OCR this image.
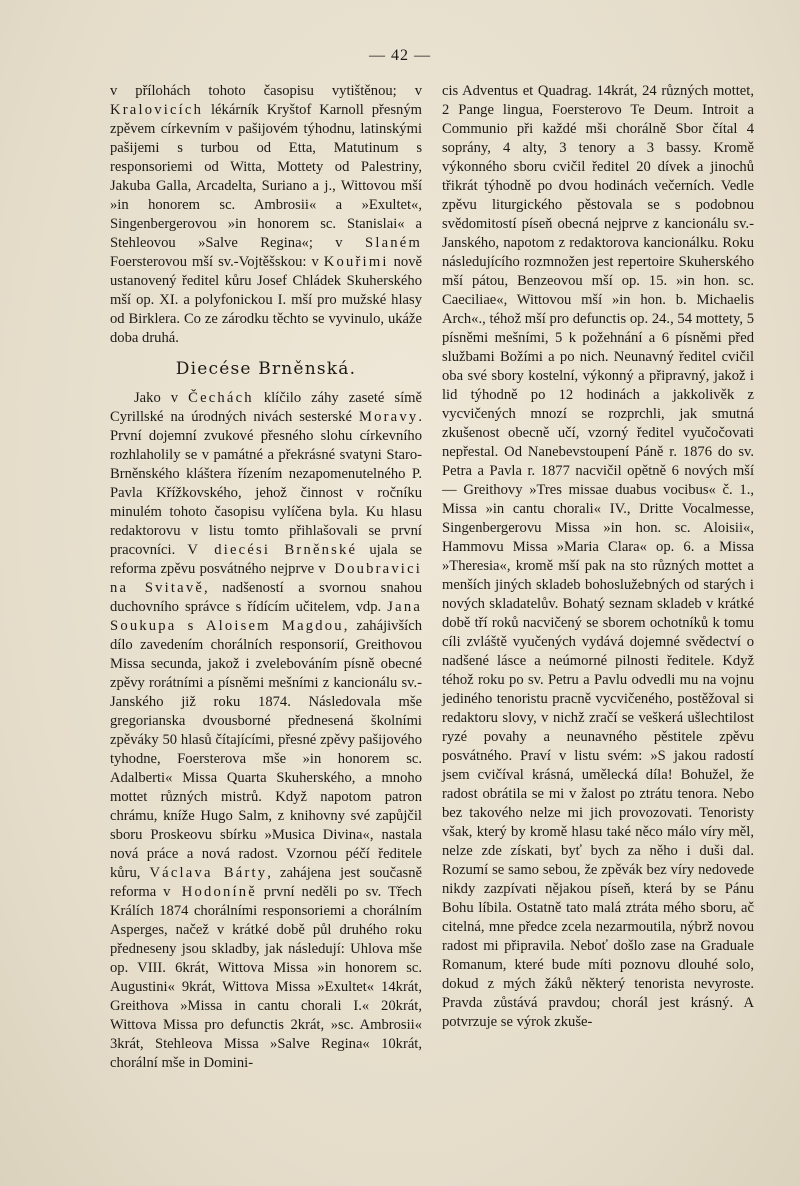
— 42 —

v přílohách tohoto časopisu vytištěnou; v Kralovicích lékárník Kryštof Karnoll přesným zpěvem církevním v pašijovém týhodnu, latinskými pašijemi s turbou od Etta, Matutinum s responsoriemi od Witta, Mottety od Palestriny, Jakuba Galla, Arcadelta, Suriano a j., Wittovou mší »in honorem sc. Ambrosii« a »Exultet«, Singenbergerovou »in honorem sc. Stanislai« a Stehleovou »Salve Regina«; v Slaném Foersterovou mší sv.-Vojtěšskou: v Kouřimi nově ustanovený ředitel kůru Josef Chládek Skuherského mší op. XI. a polyfonickou I. mší pro mužské hlasy od Birklera. Co ze zárodku těchto se vyvinulo, ukáže doba druhá.

Diecése Brněnská.

Jako v Čechách klíčilo záhy zaseté símě Cyrillské na úrodných nivách sesterské Moravy. První dojemní zvukové přesného slohu církevního rozhlaholily se v památné a překrásné svatyni Staro-Brněnského kláštera řízením nezapomenutelného P. Pavla Křížkovského, jehož činnost v ročníku minulém tohoto časopisu vylíčena byla. Ku hlasu redaktorovu v listu tomto přihlašovali se první pracovníci. V diecési Brněnské ujala se reforma zpěvu posvátného nejprve v Doubravici na Svitavě, nadšeností a svornou snahou duchovního správce s řídícím učitelem, vdp. Jana Soukupa s Aloisem Magdou, zahájivších dílo zavedením chorálních responsorií, Greithovou Missa secunda, jakož i zvelebováním písně obecné zpěvy rorátními a písněmi mešními z kancionálu sv.-Janského již roku 1874. Následovala mše gregorianska dvousborné přednesená školními zpěváky 50 hlasů čítajícími, přesné zpěvy pašijového tyhodne, Foersterova mše »in honorem sc. Adalberti« Missa Quarta Skuherského, a mnoho mottet různých mistrů. Když napotom patron chrámu, kníže Hugo Salm, z knihovny své zapůjčil sboru Proskeovu sbírku »Musica Divina«, nastala nová práce a nová radost. Vzornou péčí ředitele kůru, Václava Bárty, zahájena jest současně reforma v Hodoníně první neděli po sv. Třech Králích 1874 chorálními responsoriemi a chorálním Asperges, načež v krátké době půl druhého roku předneseny jsou skladby, jak následují: Uhlova mše op. VIII. 6krát, Wittova Missa »in honorem sc. Augustini« 9krát, Wittova Missa »Exultet« 14krát, Greithova »Missa in cantu chorali I.« 20krát, Wittova Missa pro defunctis 2krát, »sc. Ambrosii« 3krát, Stehleova Missa »Salve Regina« 10krát, chorální mše in Domini-

cis Adventus et Quadrag. 14krát, 24 různých mottet, 2 Pange lingua, Foersterovo Te Deum. Introit a Communio při každé mši chorálně Sbor čítal 4 soprány, 4 alty, 3 tenory a 3 bassy. Kromě výkonného sboru cvičil ředitel 20 dívek a jinochů třikrát týhodně po dvou hodinách večerních. Vedle zpěvu liturgického pěstovala se s podobnou svědomitostí píseň obecná nejprve z kancionálu sv.-Janského, napotom z redaktorova kancionálku. Roku následujícího rozmnožen jest repertoire Skuherského mší pátou, Benzeovou mší op. 15. »in hon. sc. Caeciliae«, Wittovou mší »in hon. b. Michaelis Arch«., téhož mší pro defunctis op. 24., 54 mottety, 5 písněmi mešními, 5 k požehnání a 6 písněmi před službami Božími a po nich. Neunavný ředitel cvičil oba své sbory kostelní, výkonný a připravný, jakož i lid týhodně po 12 hodinách a jakkolivěk z vycvičených mnozí se rozprchli, jak smutná zkušenost obecně učí, vzorný ředitel vyučočovati nepřestal. Od Nanebevstoupení Páně r. 1876 do sv. Petra a Pavla r. 1877 nacvičil opětně 6 nových mší — Greithovy »Tres missae duabus vocibus« č. 1., Missa »in cantu chorali« IV., Dritte Vocalmesse, Singenbergerovu Missa »in hon. sc. Aloisii«, Hammovu Missa »Maria Clara« op. 6. a Missa »Theresia«, kromě mší pak na sto různých mottet a menších jiných skladeb bohoslužebných od starých i nových skladatelův. Bohatý seznam skladeb v krátké době tří roků nacvičený se sborem ochotníků k tomu cíli zvláště vyučených vydává dojemné svědectví o nadšené lásce a neúmorné pilnosti ředitele. Když téhož roku po sv. Petru a Pavlu odvedli mu na vojnu jediného tenoristu pracně vycvičeného, postěžoval si redaktoru slovy, v nichž zračí se veškerá ušlechtilost ryzé povahy a neunavného pěstitele zpěvu posvátného. Praví v listu svém: »S jakou radostí jsem cvičíval krásná, umělecká díla! Bohužel, že radost obrátila se mi v žalost po ztrátu tenora. Nebo bez takového nelze mi jich provozovati. Tenoristy však, který by kromě hlasu také něco málo víry měl, nelze zde získati, byť bych za něho i duši dal. Rozumí se samo sebou, že zpěvák bez víry nedovede nikdy zazpívati nějakou píseň, která by se Pánu Bohu líbila. Ostatně tato malá ztráta mého sboru, ač citelná, mne předce zcela nezarmoutila, nýbrž novou radost mi připravila. Neboť došlo zase na Graduale Romanum, které bude míti poznovu dlouhé solo, dokud z mých žáků některý tenorista nevyroste. Pravda zůstává pravdou; chorál jest krásný. A potvrzuje se výrok zkuše-
